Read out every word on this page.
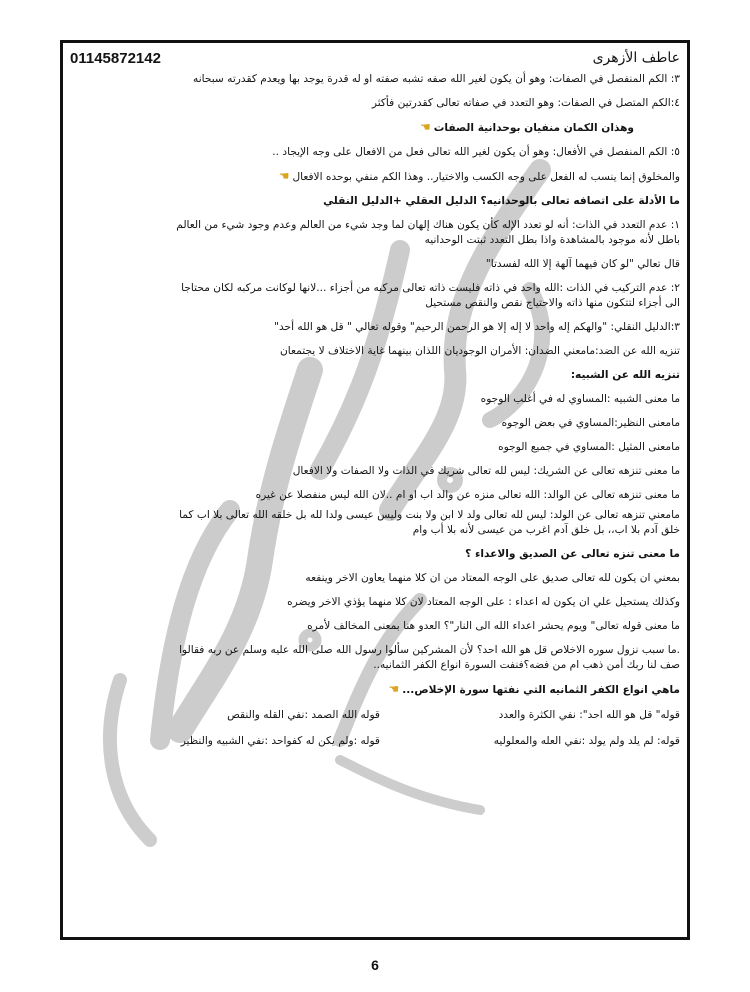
عاطف الأزهرى
01145872142

٣: الكم المنفصل في الصفات: وهو أن يكون لغير الله صفه تشبه صفته او له قدرة يوجد بها ويعدم كقدرته سبحانه

٤:الكم المتصل في الصفات: وهو التعدد في صفاته تعالى كقدرتين فأكثر

وهذان الكمان منفيان بوحدانية الصفات☚

٥: الكم المنفصل في الأفعال: وهو أن يكون لغير الله تعالى فعل من الافعال على وجه الإيجاد ..

والمخلوق إنما ينسب له الفعل على وجه الكسب والاختيار.. وهذا الكم منفي بوحده الافعال☚

ما الأدلة على اتصافه تعالى بالوحدانيه؟ الدليل العقلي +الدليل النقلي

١: عدم التعدد في الذات: أنه لو تعدد الإله كأن يكون هناك إلهان لما وجد شيء من العالم وعدم وجود شيء من العالم

باطل لأنه موجود بالمشاهدة واذا بطل التعدد ثبتت الوحدانيه

قال تعالي "لو كان فيهما آلهة إلا الله لفسدتا"

٢: عدم التركيب في الذات :الله واحد في ذاته فليست ذاته تعالى مركبه من أجزاء ...لانها لوكانت مركبه لكان محتاجا

الى أجزاء لتتكون منها ذاته والاحتياج نقص والنقص مستحيل

٣:الدليل النقلي: "والهكم إله واحد لا إله إلا هو الرحمن الرحيم" وقوله تعالي " قل هو الله أحد"

تنزيه الله عن الضد:مامعني الضدان: الأمران الوجوديان اللذان بينهما غاية الاختلاف لا يجتمعان

تنزيه الله عن الشبيه:

ما معنى الشبيه :المساوي له في أغلب الوجوه

مامعنى النظير:المساوي في بعض الوجوه

مامعنى المثيل :المساوي في جميع الوجوه

ما معنى تنزهه تعالى عن الشريك: ليس لله تعالى شريك في الذات ولا الصفات ولا الافعال

ما معنى تنزهه تعالى عن الوالد: الله تعالى منزه عن والد اب او ام ..لان الله ليس منفصلا عن غيره

مامعني تنزهه تعالى عن الولد: ليس لله تعالى ولد لا ابن ولا بنت وليس عيسى ولدا لله بل خلقه الله تعالى بلا اب كما

خلق آدم بلا اب،، بل خلق آدم اغرب من عيسى لأنه بلا أب وام

ما معنى تنزه تعالى عن الصديق والاعداء ؟

بمعني ان يكون لله تعالى صديق على الوجه المعتاد من ان كلا منهما يعاون الاخر وينفعه

وكذلك يستحيل علي ان يكون له اعداء : على الوجه المعتاد لان كلا منهما يؤذي الاخر ويضره

ما معنى قوله تعالى" ويوم يحشر اعداء الله الى النار"؟ العدو هنا بمعنى المخالف لأمره

.ما سبب نزول سوره الاخلاص قل هو الله احد؟ لأن المشركين سألوا رسول الله صلى الله عليه وسلم عن ربه فقالوا

صف لنا ربك أمن ذهب ام من فضه؟فنفت السورة انواع الكفر الثمانيه..

ماهي انواع الكفر الثمانيه التي نفتها سورة الإخلاص...☚

قوله" قل هو الله احد": نفي الكثرة والعدد
قوله الله الصمد :نفي القله والنقص
قوله: لم يلد ولم يولد :نفي العله والمعلوليه
قوله :ولم يكن له كفواحد :نفي الشبيه والنظير
6
